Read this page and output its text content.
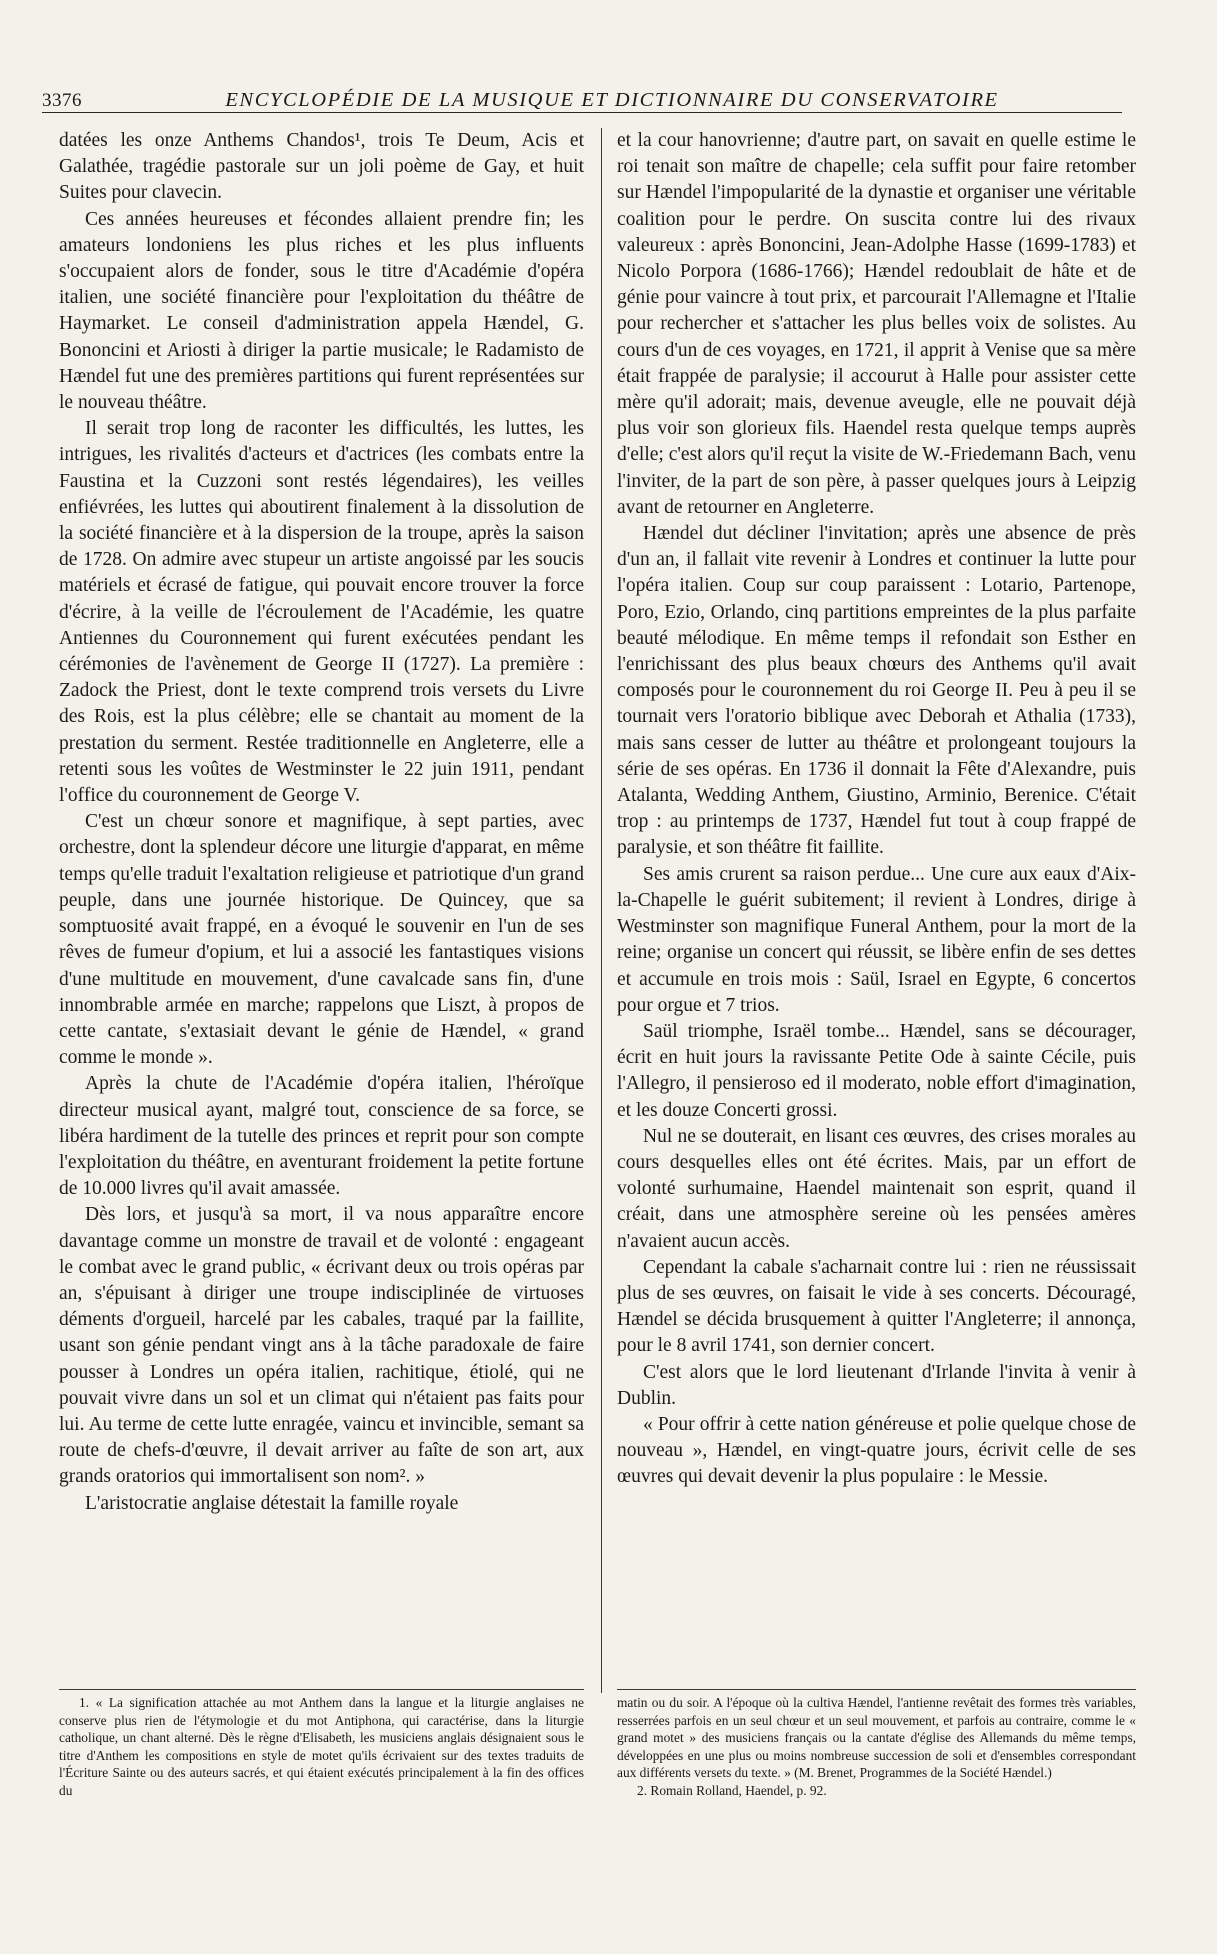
3376	ENCYCLOPÉDIE DE LA MUSIQUE ET DICTIONNAIRE DU CONSERVATOIRE

datées les onze Anthems Chandos¹, trois Te Deum, Acis et Galathée, tragédie pastorale sur un joli poème de Gay, et huit Suites pour clavecin.

Ces années heureuses et fécondes allaient prendre fin; les amateurs londoniens les plus riches et les plus influents s'occupaient alors de fonder, sous le titre d'Académie d'opéra italien, une société financière pour l'exploitation du théâtre de Haymarket. Le conseil d'administration appela Hændel, G. Bononcini et Ariosti à diriger la partie musicale; le Radamisto de Hændel fut une des premières partitions qui furent représentées sur le nouveau théâtre.

Il serait trop long de raconter les difficultés, les luttes, les intrigues, les rivalités d'acteurs et d'actrices (les combats entre la Faustina et la Cuzzoni sont restés légendaires), les veilles enfiévrées, les luttes qui aboutirent finalement à la dissolution de la société financière et à la dispersion de la troupe, après la saison de 1728. On admire avec stupeur un artiste angoissé par les soucis matériels et écrasé de fatigue, qui pouvait encore trouver la force d'écrire, à la veille de l'écroulement de l'Académie, les quatre Antiennes du Couronnement qui furent exécutées pendant les cérémonies de l'avènement de George II (1727). La première : Zadock the Priest, dont le texte comprend trois versets du Livre des Rois, est la plus célèbre; elle se chantait au moment de la prestation du serment. Restée traditionnelle en Angleterre, elle a retenti sous les voûtes de Westminster le 22 juin 1911, pendant l'office du couronnement de George V.

C'est un chœur sonore et magnifique, à sept parties, avec orchestre, dont la splendeur décore une liturgie d'apparat, en même temps qu'elle traduit l'exaltation religieuse et patriotique d'un grand peuple, dans une journée historique. De Quincey, que sa somptuosité avait frappé, en a évoqué le souvenir en l'un de ses rêves de fumeur d'opium, et lui a associé les fantastiques visions d'une multitude en mouvement, d'une cavalcade sans fin, d'une innombrable armée en marche; rappelons que Liszt, à propos de cette cantate, s'extasiait devant le génie de Hændel, « grand comme le monde ».

Après la chute de l'Académie d'opéra italien, l'héroïque directeur musical ayant, malgré tout, conscience de sa force, se libéra hardiment de la tutelle des princes et reprit pour son compte l'exploitation du théâtre, en aventurant froidement la petite fortune de 10.000 livres qu'il avait amassée.

Dès lors, et jusqu'à sa mort, il va nous apparaître encore davantage comme un monstre de travail et de volonté : engageant le combat avec le grand public, « écrivant deux ou trois opéras par an, s'épuisant à diriger une troupe indisciplinée de virtuoses déments d'orgueil, harcelé par les cabales, traqué par la faillite, usant son génie pendant vingt ans à la tâche paradoxale de faire pousser à Londres un opéra italien, rachitique, étiolé, qui ne pouvait vivre dans un sol et un climat qui n'étaient pas faits pour lui. Au terme de cette lutte enragée, vaincu et invincible, semant sa route de chefs-d'œuvre, il devait arriver au faîte de son art, aux grands oratorios qui immortalisent son nom². »

L'aristocratie anglaise détestait la famille royale

et la cour hanovrienne; d'autre part, on savait en quelle estime le roi tenait son maître de chapelle; cela suffit pour faire retomber sur Hændel l'impopularité de la dynastie et organiser une véritable coalition pour le perdre. On suscita contre lui des rivaux valeureux : après Bononcini, Jean-Adolphe Hasse (1699-1783) et Nicolo Porpora (1686-1766); Hændel redoublait de hâte et de génie pour vaincre à tout prix, et parcourait l'Allemagne et l'Italie pour rechercher et s'attacher les plus belles voix de solistes. Au cours d'un de ces voyages, en 1721, il apprit à Venise que sa mère était frappée de paralysie; il accourut à Halle pour assister cette mère qu'il adorait; mais, devenue aveugle, elle ne pouvait déjà plus voir son glorieux fils. Haendel resta quelque temps auprès d'elle; c'est alors qu'il reçut la visite de W.-Friedemann Bach, venu l'inviter, de la part de son père, à passer quelques jours à Leipzig avant de retourner en Angleterre.

Hændel dut décliner l'invitation; après une absence de près d'un an, il fallait vite revenir à Londres et continuer la lutte pour l'opéra italien. Coup sur coup paraissent : Lotario, Partenope, Poro, Ezio, Orlando, cinq partitions empreintes de la plus parfaite beauté mélodique. En même temps il refondait son Esther en l'enrichissant des plus beaux chœurs des Anthems qu'il avait composés pour le couronnement du roi George II. Peu à peu il se tournait vers l'oratorio biblique avec Deborah et Athalia (1733), mais sans cesser de lutter au théâtre et prolongeant toujours la série de ses opéras. En 1736 il donnait la Fête d'Alexandre, puis Atalanta, Wedding Anthem, Giustino, Arminio, Berenice. C'était trop : au printemps de 1737, Hændel fut tout à coup frappé de paralysie, et son théâtre fit faillite.

Ses amis crurent sa raison perdue... Une cure aux eaux d'Aix-la-Chapelle le guérit subitement; il revient à Londres, dirige à Westminster son magnifique Funeral Anthem, pour la mort de la reine; organise un concert qui réussit, se libère enfin de ses dettes et accumule en trois mois : Saül, Israel en Egypte, 6 concertos pour orgue et 7 trios.

Saül triomphe, Israël tombe... Hændel, sans se décourager, écrit en huit jours la ravissante Petite Ode à sainte Cécile, puis l'Allegro, il pensieroso ed il moderato, noble effort d'imagination, et les douze Concerti grossi.

Nul ne se douterait, en lisant ces œuvres, des crises morales au cours desquelles elles ont été écrites. Mais, par un effort de volonté surhumaine, Haendel maintenait son esprit, quand il créait, dans une atmosphère sereine où les pensées amères n'avaient aucun accès.

Cependant la cabale s'acharnait contre lui : rien ne réussissait plus de ses œuvres, on faisait le vide à ses concerts. Découragé, Hændel se décida brusquement à quitter l'Angleterre; il annonça, pour le 8 avril 1741, son dernier concert.

C'est alors que le lord lieutenant d'Irlande l'invita à venir à Dublin.

« Pour offrir à cette nation généreuse et polie quelque chose de nouveau », Hændel, en vingt-quatre jours, écrivit celle de ses œuvres qui devait devenir la plus populaire : le Messie.

1. « La signification attachée au mot Anthem dans la langue et la liturgie anglaises ne conserve plus rien de l'étymologie et du mot Antiphona, qui caractérise, dans la liturgie catholique, un chant alterné. Dès le règne d'Elisabeth, les musiciens anglais désignaient sous le titre d'Anthem les compositions en style de motet qu'ils écrivaient sur des textes traduits de l'Écriture Sainte ou des auteurs sacrés, et qui étaient exécutés principalement à la fin des offices du

matin ou du soir. A l'époque où la cultiva Hændel, l'antienne revêtait des formes très variables, resserrées parfois en un seul chœur et un seul mouvement, et parfois au contraire, comme le « grand motet » des musiciens français ou la cantate d'église des Allemands du même temps, développées en une plus ou moins nombreuse succession de soli et d'ensembles correspondant aux différents versets du texte. » (M. Brenet, Programmes de la Société Hændel.)

2. Romain Rolland, Haendel, p. 92.
